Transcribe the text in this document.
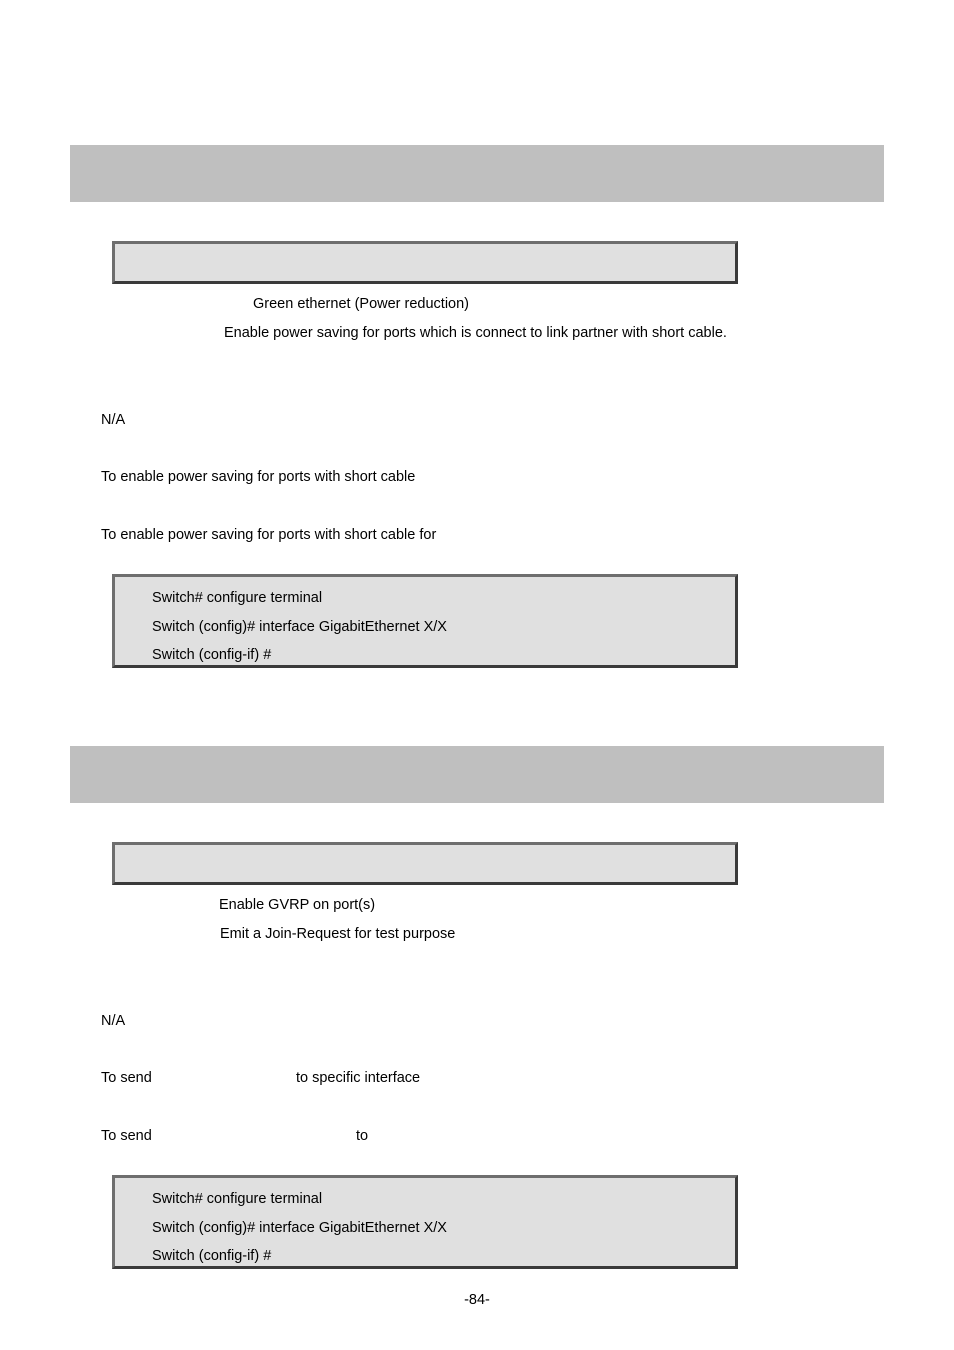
Green ethernet (Power reduction)
Enable power saving for ports which is connect to link partner with short cable.
N/A
To enable power saving for ports with short cable
To enable power saving for ports with short cable for
Switch# configure terminal
Switch (config)# interface GigabitEthernet X/X
Switch (config-if) #
Enable GVRP on port(s)
Emit a Join-Request for test purpose
N/A
To send	to specific interface
To send	to
Switch# configure terminal
Switch (config)# interface GigabitEthernet X/X
Switch (config-if) #
-84-
